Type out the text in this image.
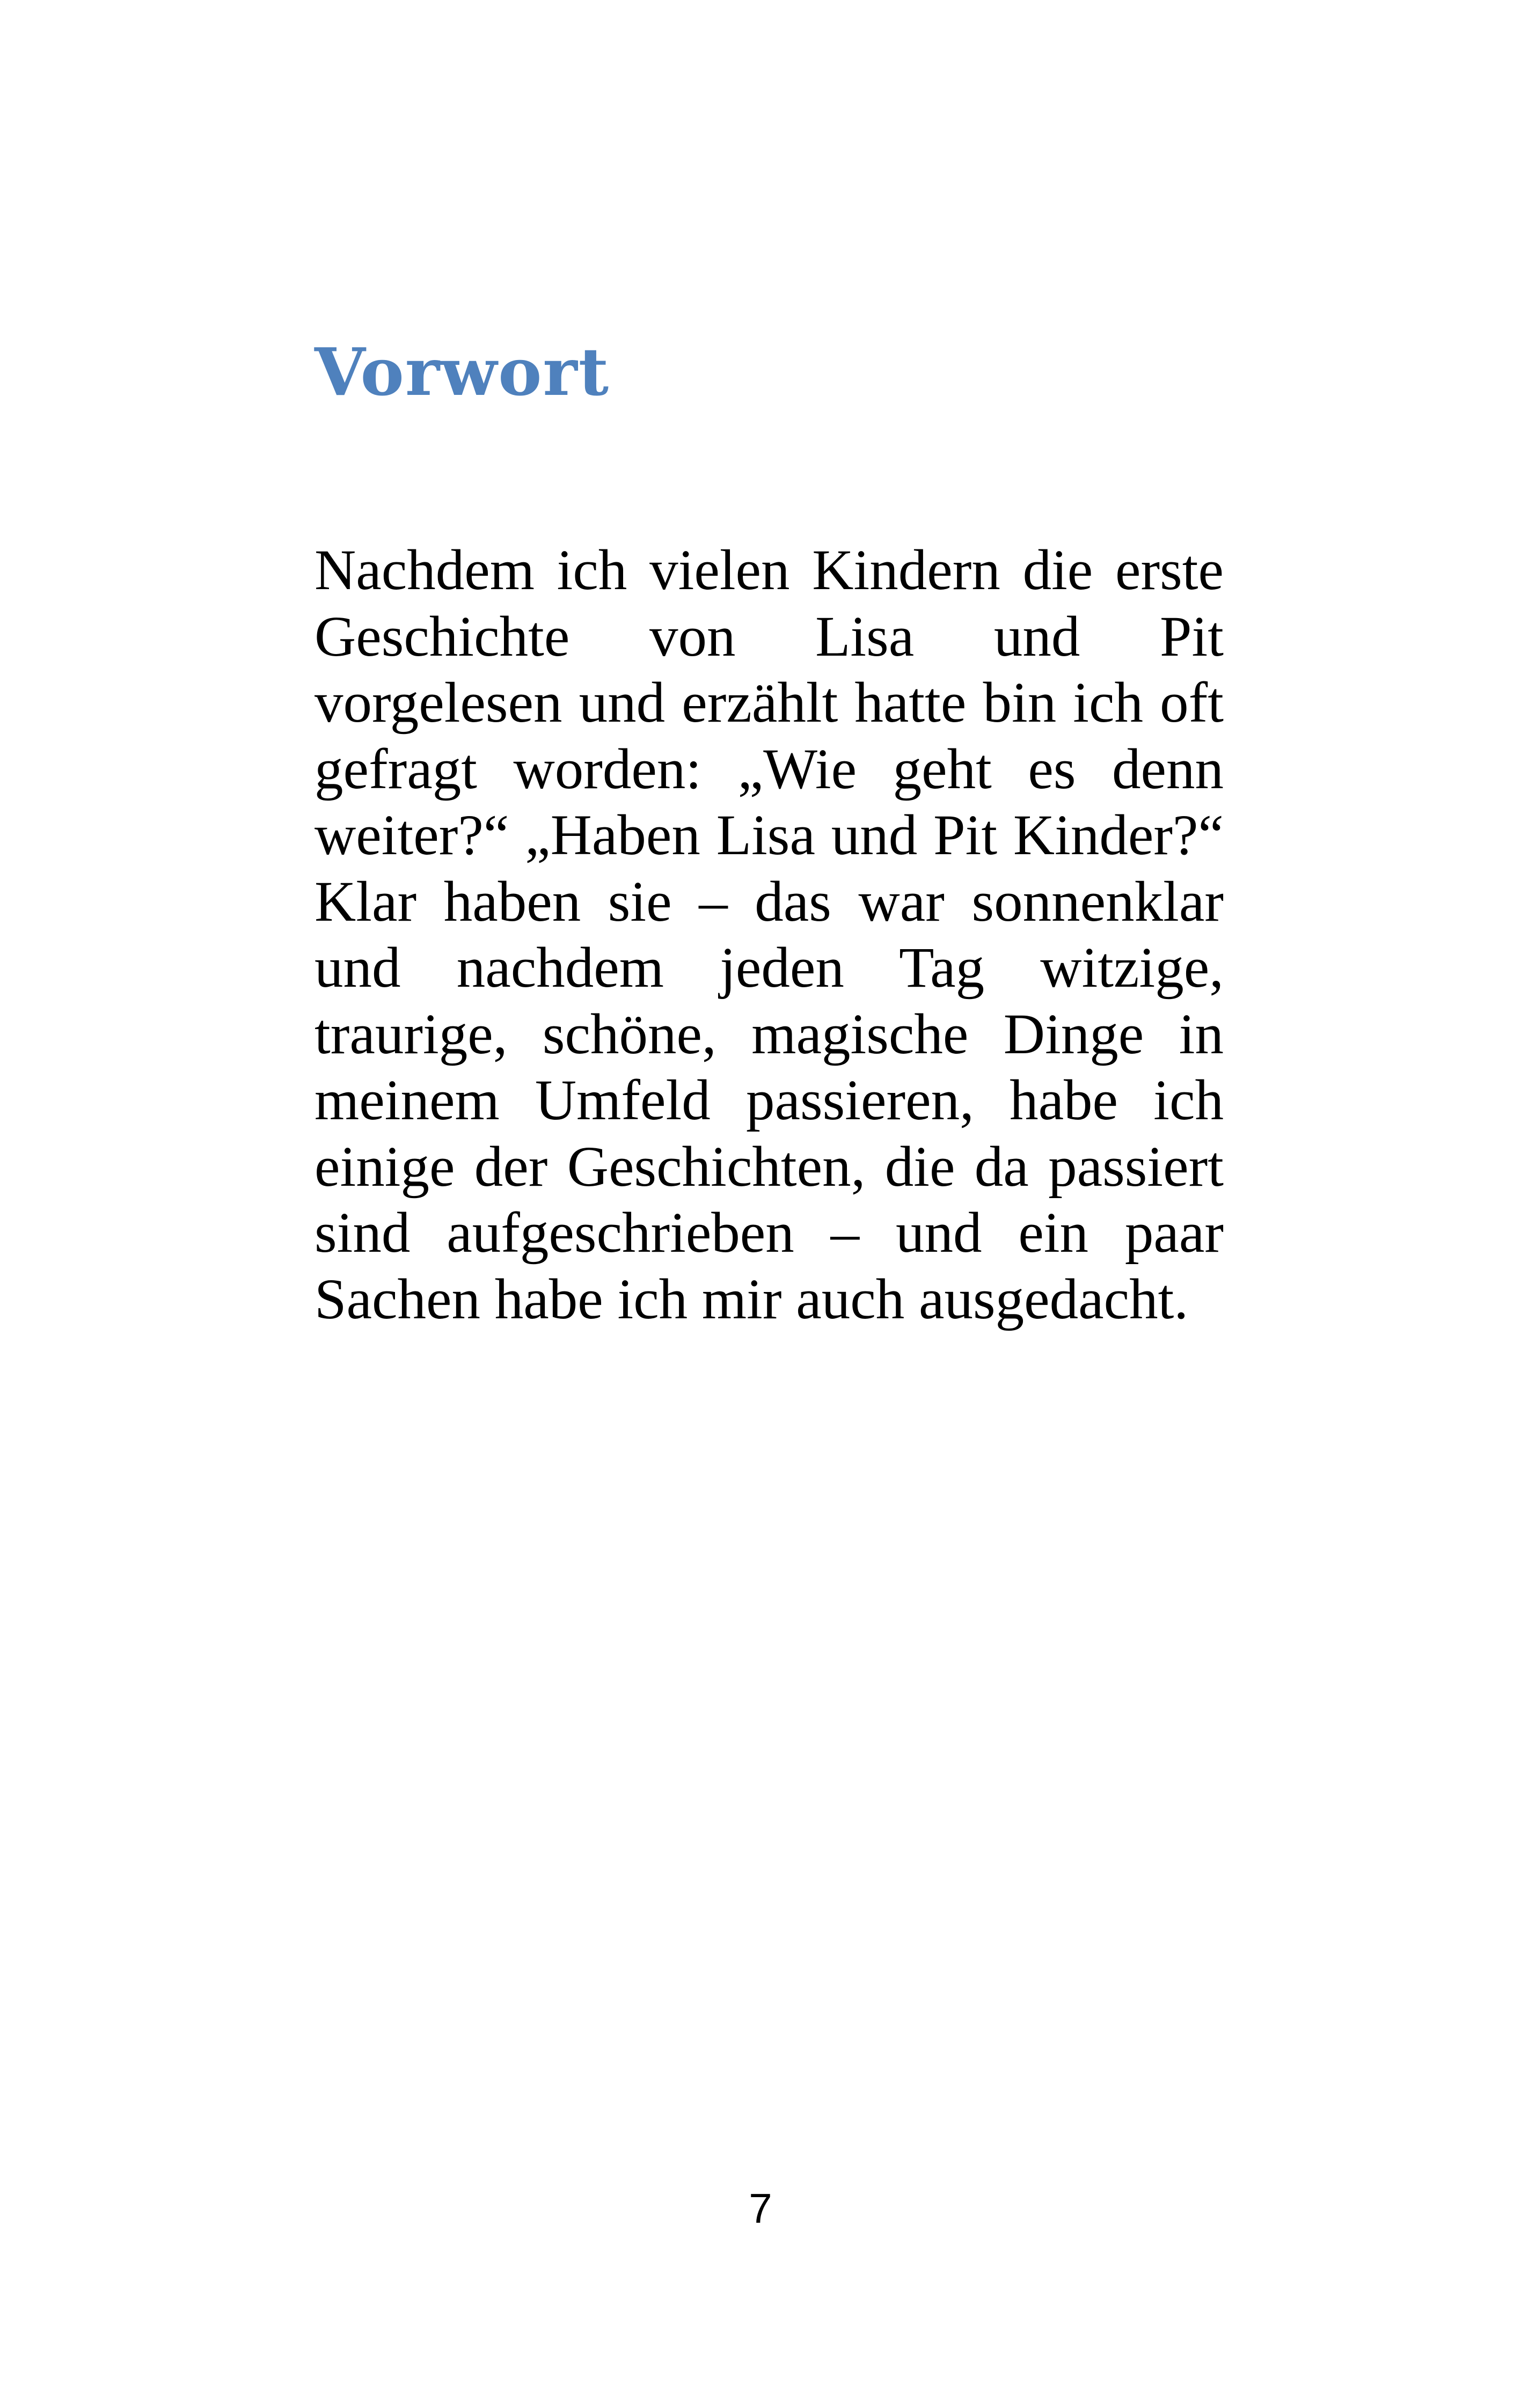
Vorwort

Nachdem ich vielen Kindern die erste Geschichte von Lisa und Pit vorgelesen und erzählt hatte bin ich oft gefragt worden: „Wie geht es denn weiter?“ „Haben Lisa und Pit Kinder?“ Klar haben sie – das war sonnenklar und nachdem jeden Tag witzige, traurige, schöne, magische Dinge in meinem Umfeld passieren, habe ich einige der Geschichten, die da passiert sind aufgeschrieben – und ein paar Sachen habe ich mir auch ausgedacht.

7
